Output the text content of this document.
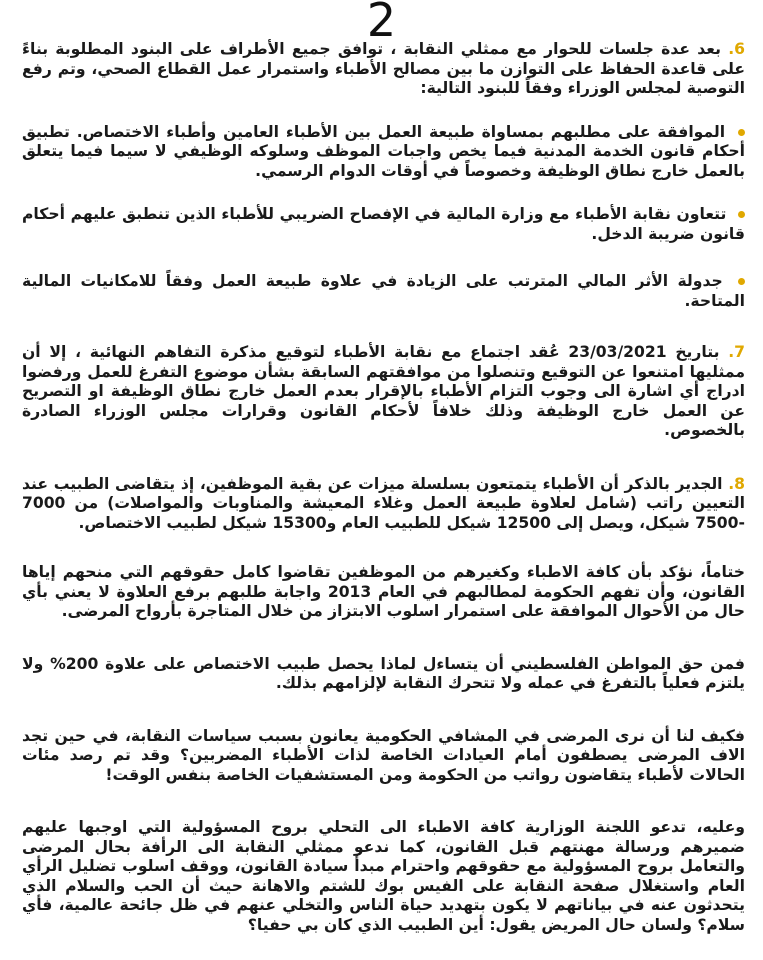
2

6. بعد عدة جلسات للحوار مع ممثلي النقابة ، توافق جميع الأطراف على البنود المطلوبة بناءً على قاعدة الحفاظ على التوازن ما بين مصالح الأطباء واستمرار عمل القطاع الصحي، وتم رفع التوصية لمجلس الوزراء وفقاً للبنود التالية:

الموافقة على مطلبهم بمساواة طبيعة العمل بين الأطباء العامين وأطباء الاختصاص. تطبيق أحكام قانون الخدمة المدنية فيما يخص واجبات الموظف وسلوكه الوظيفي لا سيما فيما يتعلق بالعمل خارج نطاق الوظيفة وخصوصاً في أوقات الدوام الرسمي.

تتعاون نقابة الأطباء مع وزارة المالية في الإفصاح الضريبي للأطباء الذين تنطبق عليهم أحكام قانون ضريبة الدخل.

جدولة الأثر المالي المترتب على الزيادة في علاوة طبيعة العمل وفقاً للامكانيات المالية المتاحة.

7. بتاريخ 23/03/2021 عُقد اجتماع مع نقابة الأطباء لتوقيع مذكرة التفاهم النهائية ، إلا أن ممثليها امتنعوا عن التوقيع وتنصلوا من موافقتهم السابقة بشأن موضوع التفرغ للعمل ورفضوا ادراج أي اشارة الى وجوب التزام الأطباء بالإقرار بعدم العمل خارج نطاق الوظيفة او التصريح عن العمل خارج الوظيفة وذلك خلافاً لأحكام القانون وقرارات مجلس الوزراء الصادرة بالخصوص.

8. الجدير بالذكر أن الأطباء يتمتعون بسلسلة ميزات عن بقية الموظفين، إذ يتقاضى الطبيب عند التعيين راتب (شامل لعلاوة طبيعة العمل وغلاء المعيشة والمناوبات والمواصلات) من 7000 -7500 شيكل، ويصل إلى 12500 شيكل للطبيب العام و15300 شيكل لطبيب الاختصاص.

ختاماً، نؤكد بأن كافة الاطباء وكغيرهم من الموظفين تقاضوا كامل حقوقهم التي منحهم إياها القانون، وأن تفهم الحكومة لمطالبهم في العام 2013 واجابة طلبهم برفع العلاوة لا يعني بأي حال من الأحوال الموافقة على استمرار اسلوب الابتزاز من خلال المتاجرة بأرواح المرضى.

فمن حق المواطن الفلسطيني أن يتساءل لماذا يحصل طبيب الاختصاص على علاوة 200% ولا يلتزم فعلياً بالتفرغ في عمله ولا تتحرك النقابة لإلزامهم بذلك.

فكيف لنا أن نرى المرضى في المشافي الحكومية يعانون بسبب سياسات النقابة، في حين تجد الاف المرضى يصطفون أمام العيادات الخاصة لذات الأطباء المضربين؟ وقد تم رصد مئات الحالات لأطباء يتقاضون رواتب من الحكومة ومن المستشفيات الخاصة بنفس الوقت!

وعليه، تدعو اللجنة الوزارية كافة الاطباء الى التحلي بروح المسؤولية التي اوجبها عليهم ضميرهم ورسالة مهنتهم قبل القانون، كما ندعو ممثلي النقابة الى الرأفة بحال المرضى والتعامل بروح المسؤولية مع حقوقهم واحترام مبدأ سيادة القانون، ووقف اسلوب تضليل الرأي العام واستغلال صفحة النقابة على الفيس بوك للشتم والاهانة حيث أن الحب والسلام الذي يتحدثون عنه في بياناتهم لا يكون بتهديد حياة الناس والتخلي عنهم في ظل جائحة عالمية، فأي سلام؟ ولسان حال المريض يقول: أين الطبيب الذي كان بي حفيا؟
